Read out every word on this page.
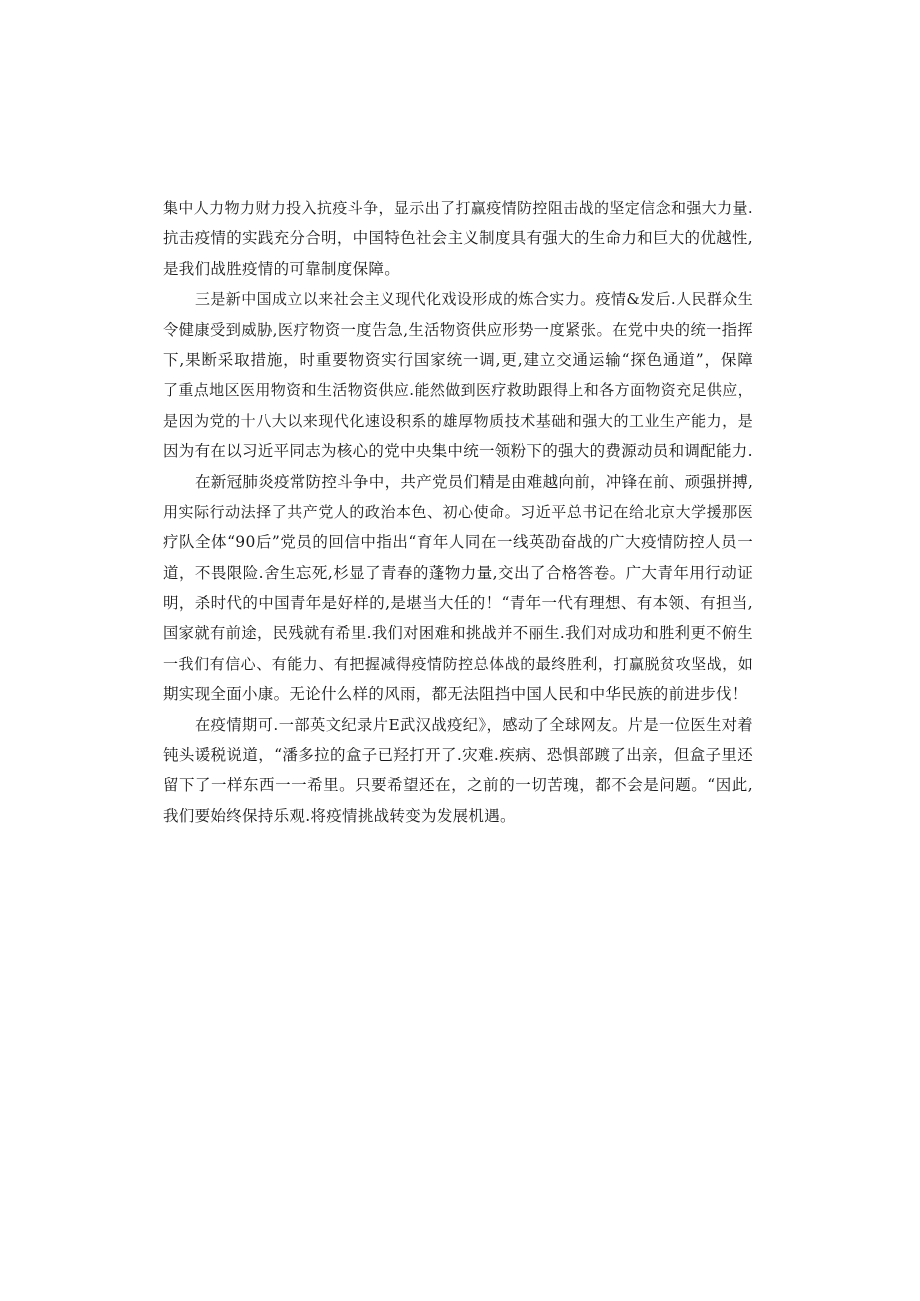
集中人力物力财力投入抗疫斗争，显示出了打赢疫情防控阻击战的坚定信念和强大力量.
抗击疫情的实践充分合明，中国特色社会主义制度具有强大的生命力和巨大的优越性,
是我们战胜疫情的可靠制度保障。
三是新中国成立以来社会主义现代化戏设形成的炼合实力。疫情&发后.人民群众生
令健康受到威胁,医疗物资一度告急,生活物资供应形势一度紧张。在党中央的统一指挥
下,果断采取措施，时重要物资实行国家统一调,更,建立交通运输“探色通道”，保障
了重点地区医用物资和生活物资供应.能然做到医疗救助跟得上和各方面物资充足供应，
是因为党的十八大以来现代化速设积系的雄厚物质技术基础和强大的工业生产能力，是
因为有在以习近平同志为核心的党中央集中统一领粉下的强大的费源动员和调配能力.
在新冠肺炎疫常防控斗争中，共产党员们精是由难越向前，冲锋在前、顽强拼搏,
用实际行动法择了共产党人的政治本色、初心使命。习近平总书记在给北京大学援那医
疗队全体“90后”党员的回信中指出“育年人同在一线英劭奋战的广大疫情防控人员一
道，不畏限险.舍生忘死,杉显了青春的蓬物力量,交出了合格答卷。广大青年用行动证
明，杀时代的中国青年是好样的,是堪当大任的！“青年一代有理想、有本领、有担当,
国家就有前途，民残就有希里.我们对困难和挑战并不丽生.我们对成功和胜利更不俯生
一我们有信心、有能力、有把握减得疫情防控总体战的最终胜利，打赢脱贫攻坚战，如
期实现全面小康。无论什么样的风雨，都无法阻挡中国人民和中华民族的前进步伐！
在疫情期可.一部英文纪录片E武汉战疫纪》，感动了全球网友。片是一位医生对着
钝头谖税说道，“潘多拉的盒子已羟打开了.灾难.疾病、恐惧部踱了出亲，但盒子里还
留下了一样东西一一希里。只要希望还在，之前的一切苦瑰，都不会是问题。“因此,
我们要始终保持乐观.将疫情挑战转变为发展机遇。
